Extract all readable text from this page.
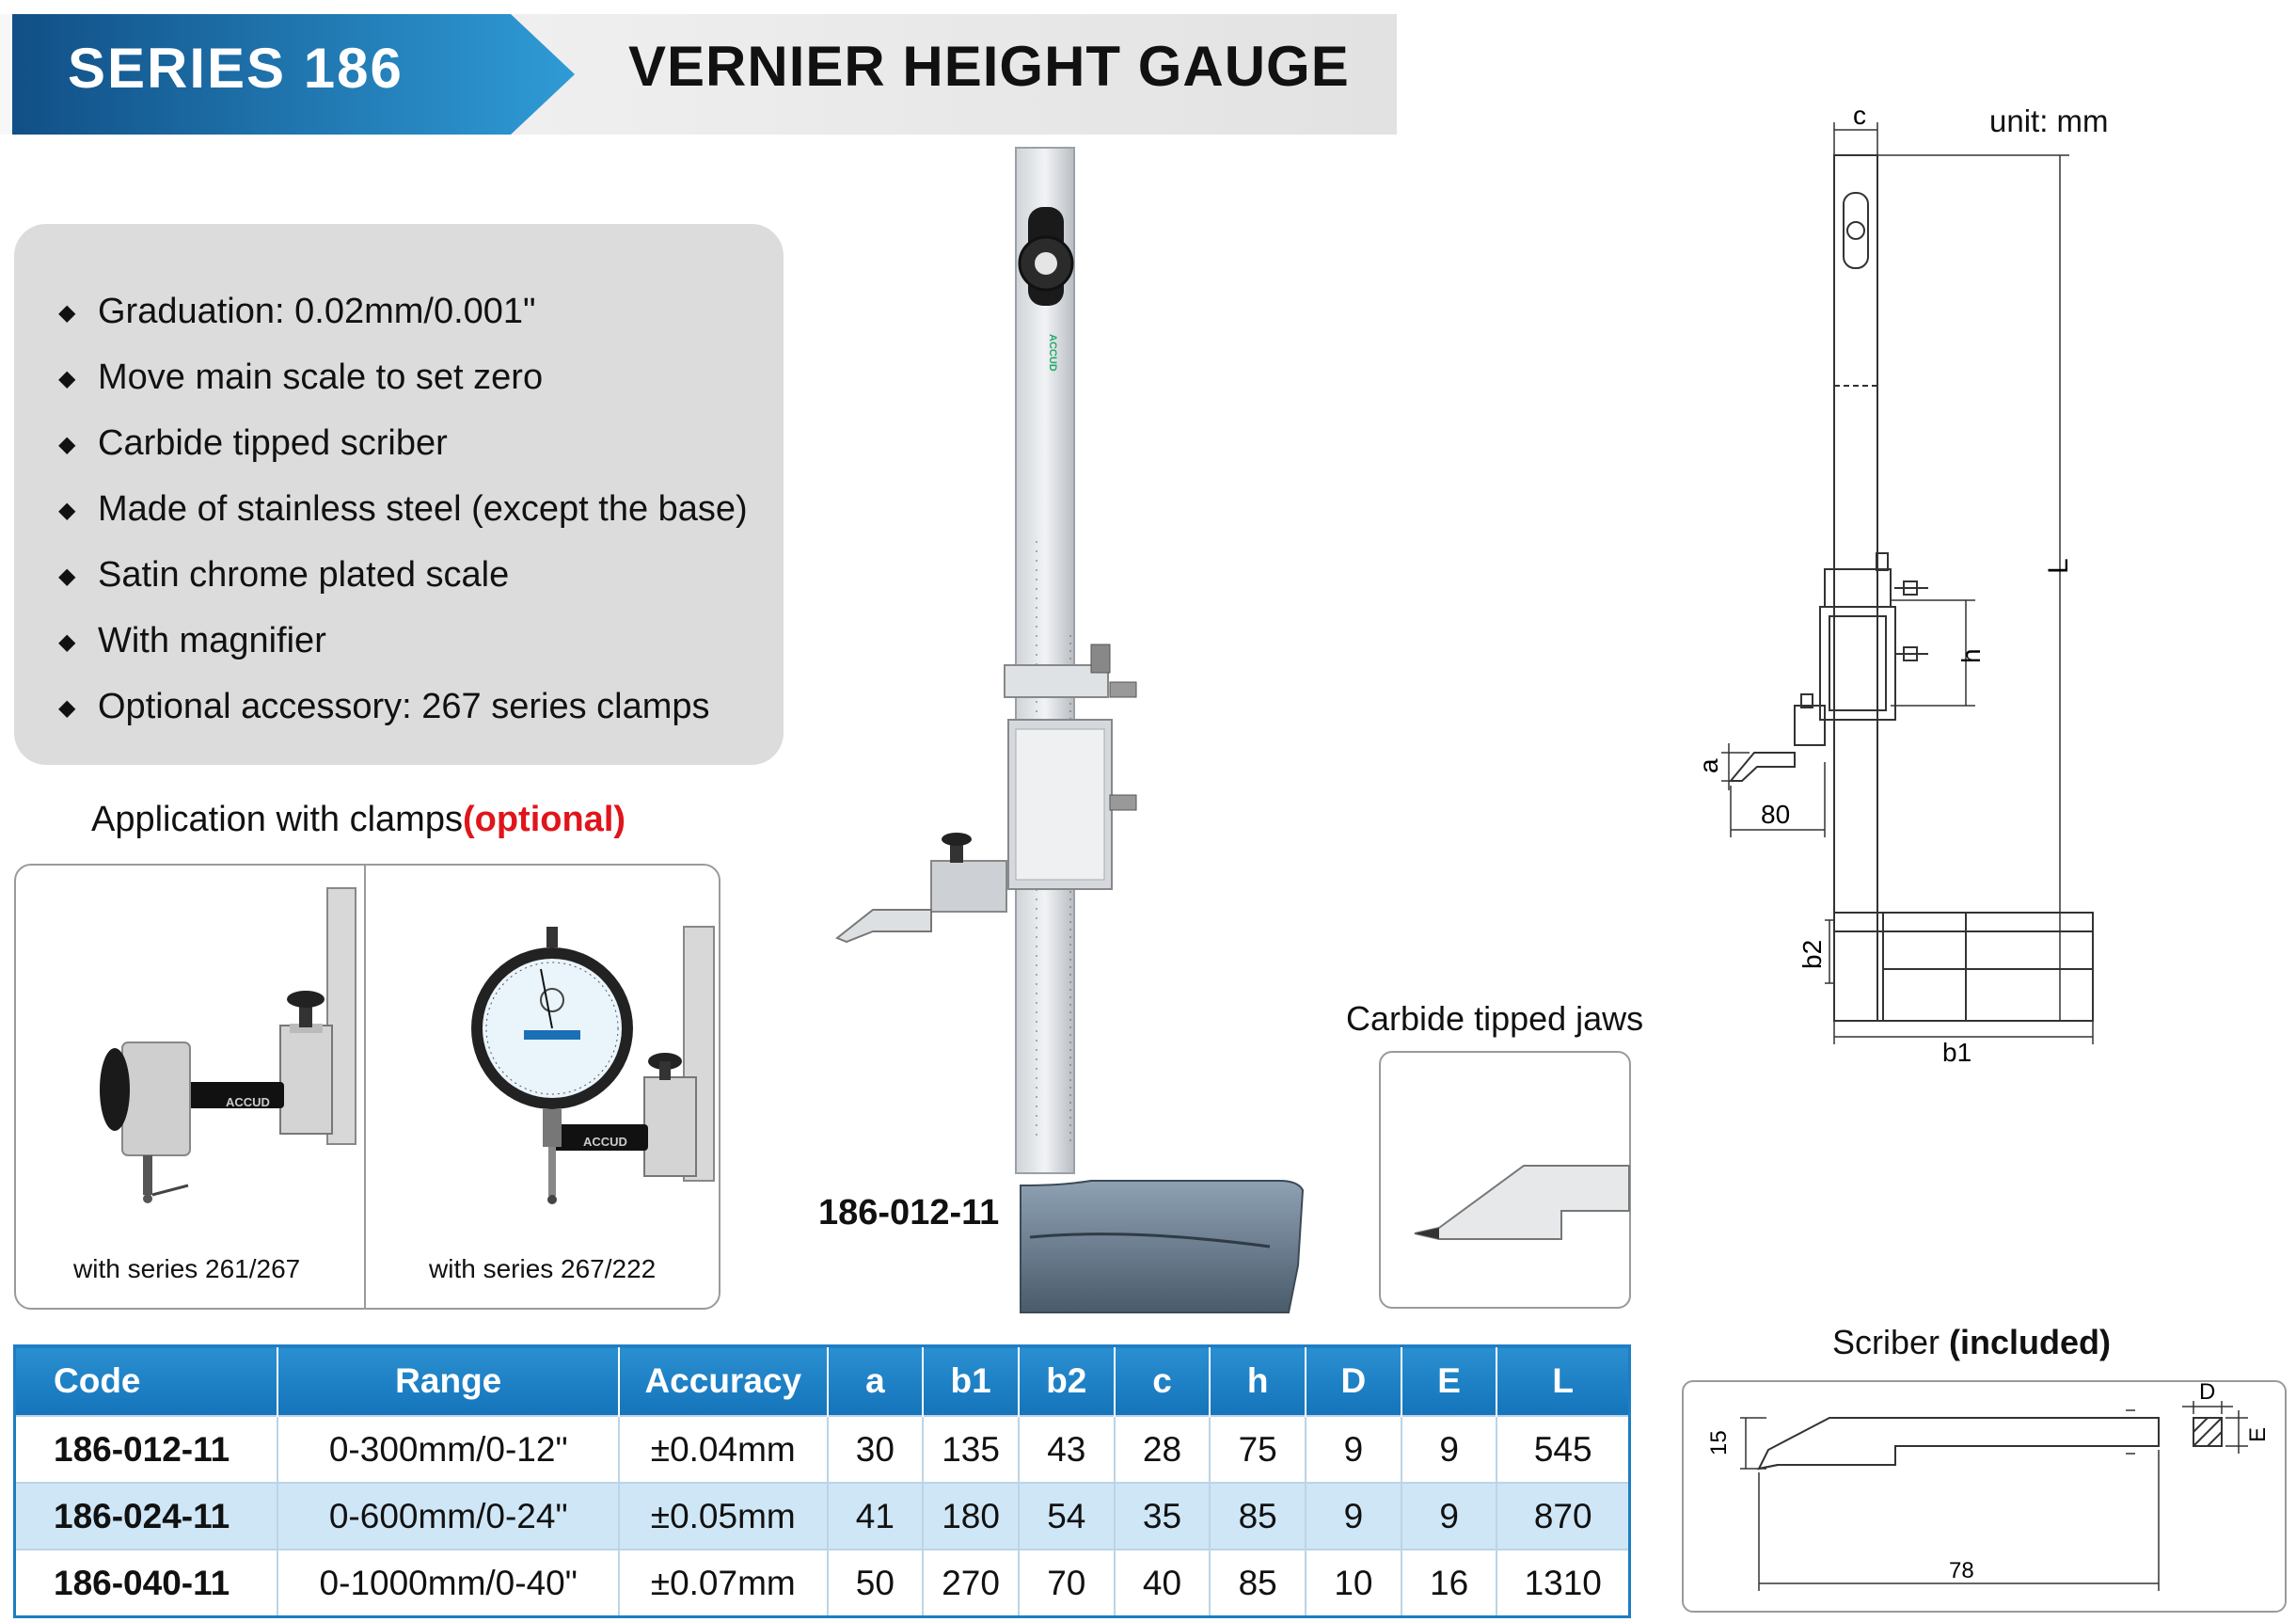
SERIES 186	VERNIER HEIGHT GAUGE
◆ Graduation: 0.02mm/0.001"
◆ Move main scale to set zero
◆ Carbide tipped scriber
◆ Made of stainless steel (except the base)
◆ Satin chrome plated scale
◆ With magnifier
◆ Optional accessory: 267 series clamps
Application with clamps(optional)
ACCUD
ACCUD
with series 261/267	with series 267/222
ACCUD
186-012-11
Carbide tipped jaws
unit: mm
c
L
h
a
80
b2
b1
Scriber (included)
15
78
D
E
Code	Range	Accuracy	a	b1	b2	c	h	D	E	L
186-012-11	0-300mm/0-12"	±0.04mm	30	135	43	28	75	9	9	545
186-024-11	0-600mm/0-24"	±0.05mm	41	180	54	35	85	9	9	870
186-040-11	0-1000mm/0-40"	±0.07mm	50	270	70	40	85	10	16	1310
